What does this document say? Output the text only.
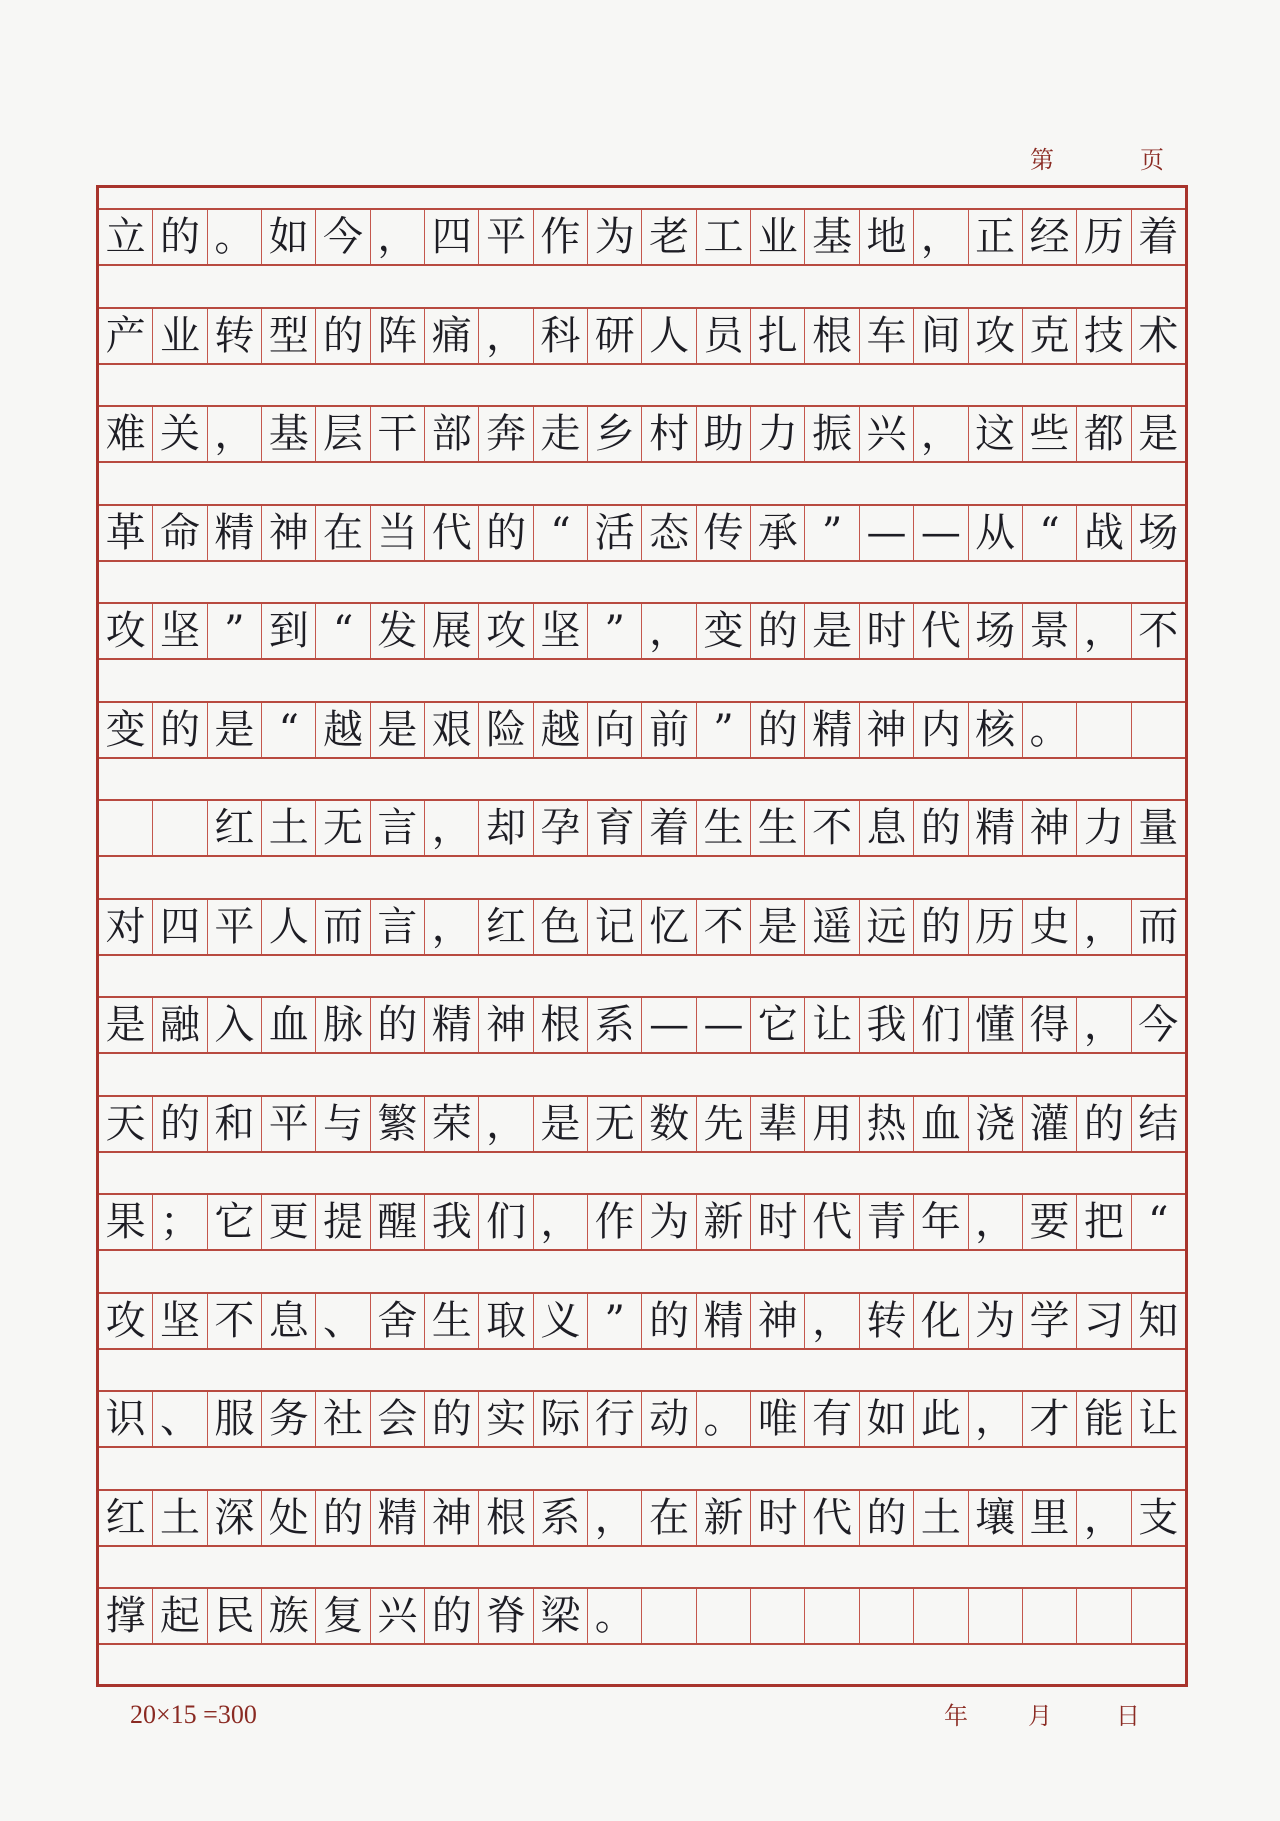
第	页
立 的 。 如 今 ， 四 平 作 为 老 工 业 基 地 ， 正 经 历 着
产 业 转 型 的 阵 痛 ， 科 研 人 员 扎 根 车 间 攻 克 技 术
难 关 ， 基 层 干 部 奔 走 乡 村 助 力 振 兴 ， 这 些 都 是
革 命 精 神 在 当 代 的 “ 活 态 传 承 ” — — 从 “ 战 场
攻 坚 ” 到 “ 发 展 攻 坚 ” ， 变 的 是 时 代 场 景 ， 不
变 的 是 “ 越 是 艰 险 越 向 前 ” 的 精 神 内 核 。

红 土 无 言 ， 却 孕 育 着 生 生 不 息 的 精 神 力 量
对 四 平 人 而 言 ， 红 色 记 忆 不 是 遥 远 的 历 史 ， 而
是 融 入 血 脉 的 精 神 根 系 — — 它 让 我 们 懂 得 ， 今
天 的 和 平 与 繁 荣 ， 是 无 数 先 辈 用 热 血 浇 灌 的 结
果 ； 它 更 提 醒 我 们 ， 作 为 新 时 代 青 年 ， 要 把 “
攻 坚 不 息 、 舍 生 取 义 ” 的 精 神 ， 转 化 为 学 习 知
识 、 服 务 社 会 的 实 际 行 动 。 唯 有 如 此 ， 才 能 让
红 土 深 处 的 精 神 根 系 ， 在 新 时 代 的 土 壤 里 ， 支
撑 起 民 族 复 兴 的 脊 梁 。
20×15 =300	年	月	日
